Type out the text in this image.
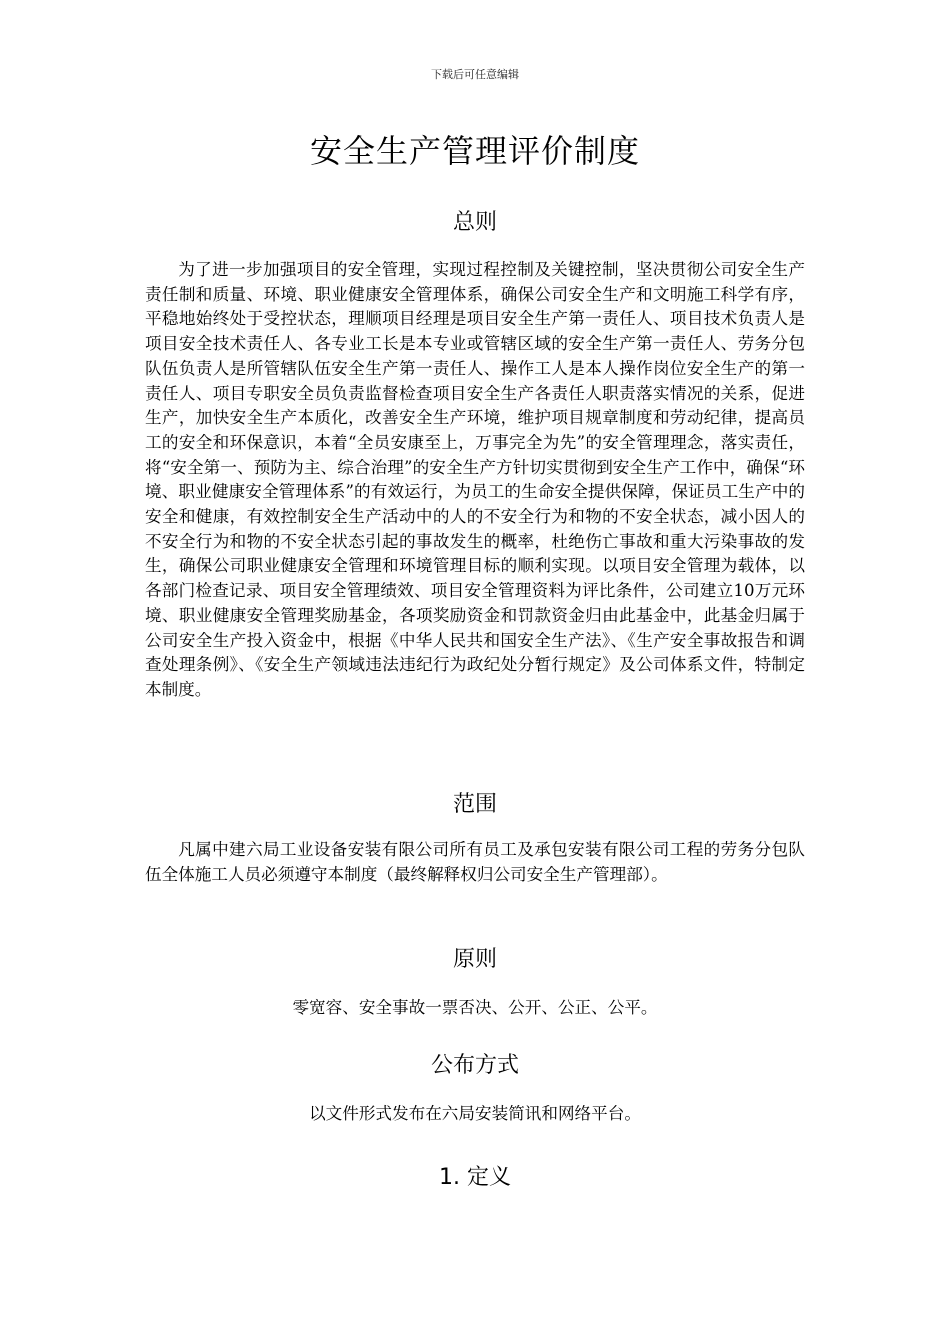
下载后可任意编辑
安全生产管理评价制度
总则

为了进一步加强项目的安全管理，实现过程控制及关键控制，坚决贯彻公司安全生产责任制和质量、环境、职业健康安全管理体系，确保公司安全生产和文明施工科学有序，平稳地始终处于受控状态，理顺项目经理是项目安全生产第一责任人、项目技术负责人是项目安全技术责任人、各专业工长是本专业或管辖区域的安全生产第一责任人、劳务分包队伍负责人是所管辖队伍安全生产第一责任人、操作工人是本人操作岗位安全生产的第一责任人、项目专职安全员负责监督检查项目安全生产各责任人职责落实情况的关系，促进生产，加快安全生产本质化，改善安全生产环境，维护项目规章制度和劳动纪律，提高员工的安全和环保意识，本着“全员安康至上，万事完全为先”的安全管理理念，落实责任，将“安全第一、预防为主、综合治理”的安全生产方针切实贯彻到安全生产工作中，确保“环境、职业健康安全管理体系”的有效运行，为员工的生命安全提供保障，保证员工生产中的安全和健康，有效控制安全生产活动中的人的不安全行为和物的不安全状态，减小因人的不安全行为和物的不安全状态引起的事故发生的概率，杜绝伤亡事故和重大污染事故的发生，确保公司职业健康安全管理和环境管理目标的顺利实现。以项目安全管理为载体，以各部门检查记录、项目安全管理绩效、项目安全管理资料为评比条件，公司建立10万元环境、职业健康安全管理奖励基金，各项奖励资金和罚款资金归由此基金中，此基金归属于公司安全生产投入资金中，根据《中华人民共和国安全生产法》、《生产安全事故报告和调查处理条例》、《安全生产领域违法违纪行为政纪处分暂行规定》及公司体系文件，特制定本制度。

范围

凡属中建六局工业设备安装有限公司所有员工及承包安装有限公司工程的劳务分包队伍全体施工人员必须遵守本制度（最终解释权归公司安全生产管理部）。

原则

零宽容、安全事故一票否决、公开、公正、公平。

公布方式

以文件形式发布在六局安装简讯和网络平台。

1. 定义
